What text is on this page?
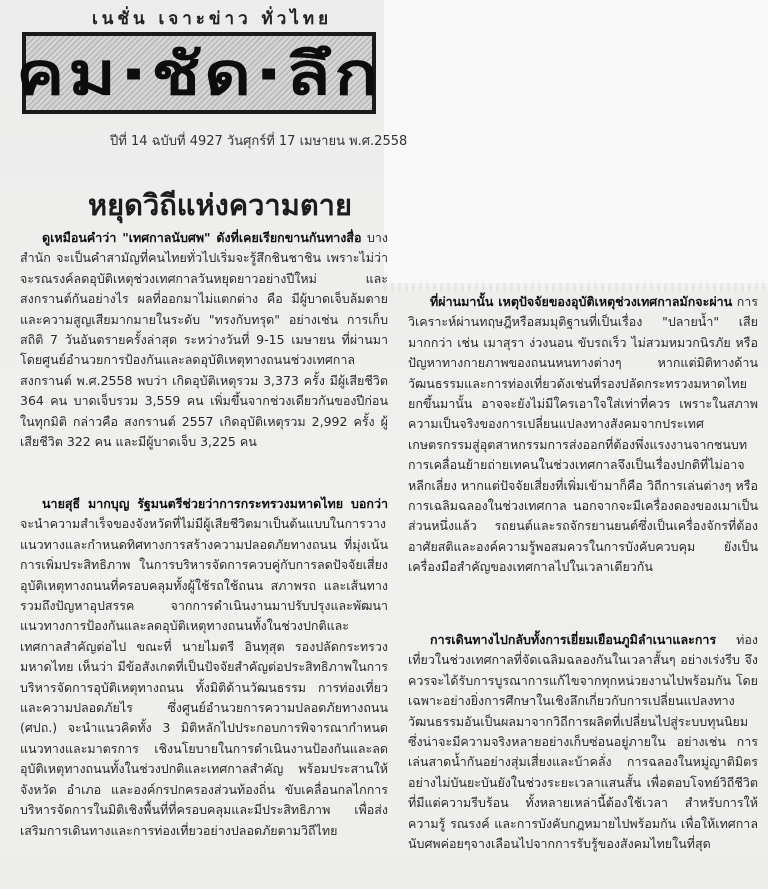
เนชั่น เจาะข่าว ทั่วไทย
คม·ชัด·ลึก
ปีที่ 14 ฉบับที่ 4927 วันศุกร์ที่ 17 เมษายน พ.ศ.2558
หยุดวิถีแห่งความตาย

ดูเหมือนคำว่า "เทศกาลนับศพ" ดังที่เคยเรียกขานกันทางสื่อ บางสำนัก จะเป็นคำสามัญที่คนไทยทั่วไปเริ่มจะรู้สึกชินชาชิน เพราะไม่ว่าจะรณรงค์ลดอุบัติเหตุช่วงเทศกาลวันหยุดยาวอย่างปีใหม่ และสงกรานต์กันอย่างไร ผลที่ออกมาไม่แตกต่าง คือ มีผู้บาดเจ็บล้มตายและความสูญเสียมากมายในระดับ "ทรงกับทรุด" อย่างเช่น การเก็บสถิติ 7 วันอันตรายครั้งล่าสุด ระหว่างวันที่ 9-15 เมษายน ที่ผ่านมา โดยศูนย์อำนวยการป้องกันและลดอุบัติเหตุทางถนนช่วงเทศกาลสงกรานต์ พ.ศ.2558 พบว่า เกิดอุบัติเหตุรวม 3,373 ครั้ง มีผู้เสียชีวิต 364 คน บาดเจ็บรวม 3,559 คน เพิ่มขึ้นจากช่วงเดียวกันของปีก่อนในทุกมิติ กล่าวคือ สงกรานต์ 2557 เกิดอุบัติเหตุรวม 2,992 ครั้ง ผู้เสียชีวิต 322 คน และมีผู้บาดเจ็บ 3,225 คน

นายสุธี มากบุญ รัฐมนตรีช่วยว่าการกระทรวงมหาดไทย บอกว่า จะนำความสำเร็จของจังหวัดที่ไม่มีผู้เสียชีวิตมาเป็นต้นแบบในการวางแนวทางและกำหนดทิศทางการสร้างความปลอดภัยทางถนน ที่มุ่งเน้นการเพิ่มประสิทธิภาพ ในการบริหารจัดการควบคู่กับการลดปัจจัยเสี่ยงอุบัติเหตุทางถนนที่ครอบคลุมทั้งผู้ใช้รถใช้ถนน สภาพรถ และเส้นทาง รวมถึงปัญหาอุปสรรค จากการดำเนินงานมาปรับปรุงและพัฒนาแนวทางการป้องกันและลดอุบัติเหตุทางถนนทั้งในช่วงปกติและเทศกาลสำคัญต่อไป ขณะที่ นายไมตรี อินทุสุต รองปลัดกระทรวงมหาดไทย เห็นว่า มีข้อสังเกตที่เป็นปัจจัยสำคัญต่อประสิทธิภาพในการบริหารจัดการอุบัติเหตุทางถนน ทั้งมิติด้านวัฒนธรรม การท่องเที่ยว และความปลอดภัยไร ซึ่งศูนย์อำนวยการความปลอดภัยทางถนน (ศปถ.) จะนำแนวคิดทั้ง 3 มิติหลักไปประกอบการพิจารณากำหนดแนวทางและมาตรการ เชิงนโยบายในการดำเนินงานป้องกันและลดอุบัติเหตุทางถนนทั้งในช่วงปกติและเทศกาลสำคัญ พร้อมประสานให้จังหวัด อำเภอ และองค์กรปกครองส่วนท้องถิ่น ขับเคลื่อนกลไกการบริหารจัดการในมิติเชิงพื้นที่ที่ครอบคลุมและมีประสิทธิภาพ เพื่อส่งเสริมการเดินทางและการท่องเที่ยวอย่างปลอดภัยตามวิถีไทย

ที่ผ่านมานั้น เหตุปัจจัยของอุบัติเหตุช่วงเทศกาลมักจะผ่าน การวิเคราะห์ผ่านทฤษฎีหรือสมมุติฐานที่เป็นเรื่อง "ปลายน้ำ" เสียมากกว่า เช่น เมาสุรา ง่วงนอน ขับรถเร็ว ไม่สวมหมวกนิรภัย หรือปัญหาทางกายภาพของถนนหนทางต่างๆ หากแต่มิติทางด้านวัฒนธรรมและการท่องเที่ยวดังเช่นที่รองปลัดกระทรวงมหาดไทยยกขึ้นมานั้น อาจจะยังไม่มีใครเอาใจใส่เท่าที่ควร เพราะในสภาพความเป็นจริงของการเปลี่ยนแปลงทางสังคมจากประเทศเกษตรกรรมสู่อุตสาหกรรมการส่งออกที่ต้องพึ่งแรงงานจากชนบท การเคลื่อนย้ายถ่ายเทคนในช่วงเทศกาลจึงเป็นเรื่องปกติที่ไม่อาจหลีกเลี่ยง หากแต่ปัจจัยเสี่ยงที่เพิ่มเข้ามาก็คือ วิถีการเล่นต่างๆ หรือการเฉลิมฉลองในช่วงเทศกาล นอกจากจะมีเครื่องดองของเมาเป็นส่วนหนึ่งแล้ว รถยนต์และรถจักรยานยนต์ซึ่งเป็นเครื่องจักรที่ต้องอาศัยสติและองค์ความรู้พอสมควรในการบังคับควบคุม ยังเป็นเครื่องมือสำคัญของเทศกาลไปในเวลาเดียวกัน

การเดินทางไปกลับทั้งการเยี่ยมเยือนภูมิลำเนาและการ ท่องเที่ยวในช่วงเทศกาลที่จัดเฉลิมฉลองกันในเวลาสั้นๆ อย่างเร่งรีบ จึงควรจะได้รับการบูรณาการแก้ไขจากทุกหน่วยงานไปพร้อมกัน โดยเฉพาะอย่างยิ่งการศึกษาในเชิงลึกเกี่ยวกับการเปลี่ยนแปลงทางวัฒนธรรมอันเป็นผลมาจากวิถีการผลิตที่เปลี่ยนไปสู่ระบบทุนนิยม ซึ่งน่าจะมีความจริงหลายอย่างเก็บซ่อนอยู่ภายใน อย่างเช่น การเล่นสาดน้ำกันอย่างสุ่มเสี่ยงและบ้าคลั่ง การฉลองในหมู่ญาติมิตรอย่างไม่บันยะบันยังในช่วงระยะเวลาแสนสั้น เพื่อตอบโจทย์วิถีชีวิตที่มีแต่ความรีบร้อน ทั้งหลายเหล่านี้ต้องใช้เวลา สำหรับการให้ความรู้ รณรงค์ และการบังคับกฎหมายไปพร้อมกัน เพื่อให้เทศกาลนับศพค่อยๆจางเลือนไปจากการรับรู้ของสังคมไทยในที่สุด
